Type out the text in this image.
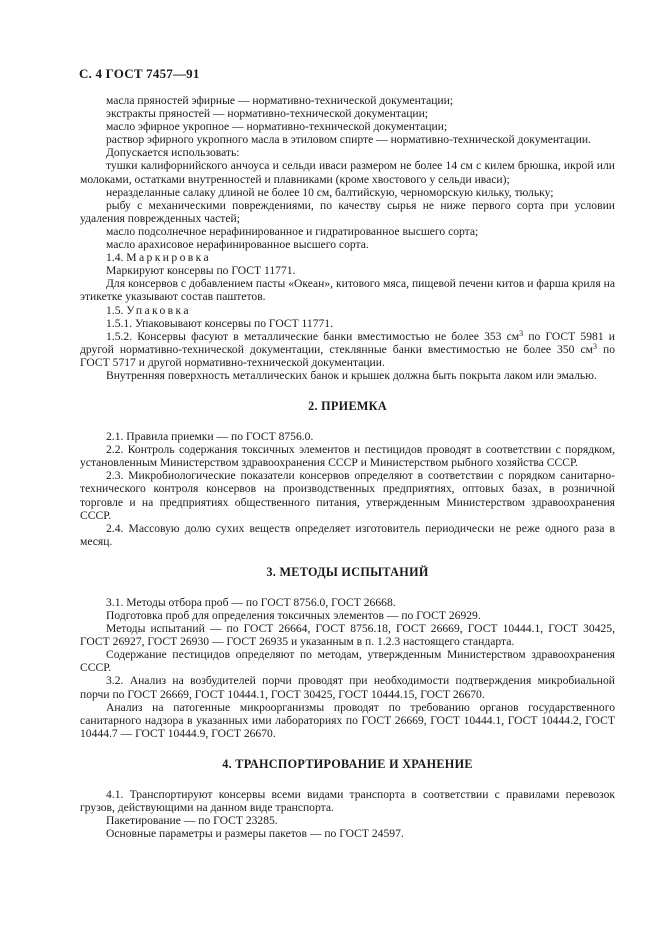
С. 4 ГОСТ 7457—91

масла пряностей эфирные — нормативно-технической документации;

экстракты пряностей — нормативно-технической документации;

масло эфирное укропное — нормативно-технической документации;

раствор эфирного укропного масла в этиловом спирте — нормативно-технической документации.

Допускается использовать:

тушки калифорнийского анчоуса и сельди иваси размером не более 14 см с килем брюшка, икрой или молоками, остатками внутренностей и плавниками (кроме хвостового у сельди иваси);

неразделанные салаку длиной не более 10 см, балтийскую, черноморскую кильку, тюльку;

рыбу с механическими повреждениями, по качеству сырья не ниже первого сорта при условии удаления поврежденных частей;

масло подсолнечное нерафинированное и гидратированное высшего сорта;

масло арахисовое нерафинированное высшего сорта.

1.4. Маркировка

Маркируют консервы по ГОСТ 11771.

Для консервов с добавлением пасты «Океан», китового мяса, пищевой печени китов и фарша криля на этикетке указывают состав паштетов.

1.5. Упаковка

1.5.1. Упаковывают консервы по ГОСТ 11771.

1.5.2. Консервы фасуют в металлические банки вместимостью не более 353 $см^3$ по ГОСТ 5981 и другой нормативно-технической документации, стеклянные банки вместимостью не более 350 $см^3$ по ГОСТ 5717 и другой нормативно-технической документации.

Внутренняя поверхность металлических банок и крышек должна быть покрыта лаком или эмалью.

2. ПРИЕМКА

2.1. Правила приемки — по ГОСТ 8756.0.

2.2. Контроль содержания токсичных элементов и пестицидов проводят в соответствии с порядком, установленным Министерством здравоохранения СССР и Министерством рыбного хозяйства СССР.

2.3. Микробиологические показатели консервов определяют в соответствии с порядком санитарно-технического контроля консервов на производственных предприятиях, оптовых базах, в розничной торговле и на предприятиях общественного питания, утвержденным Министерством здравоохранения СССР.

2.4. Массовую долю сухих веществ определяет изготовитель периодически не реже одного раза в месяц.

3. МЕТОДЫ ИСПЫТАНИЙ

3.1. Методы отбора проб — по ГОСТ 8756.0, ГОСТ 26668.

Подготовка проб для определения токсичных элементов — по ГОСТ 26929.

Методы испытаний — по ГОСТ 26664, ГОСТ 8756.18, ГОСТ 26669, ГОСТ 10444.1, ГОСТ 30425, ГОСТ 26927, ГОСТ 26930 — ГОСТ 26935 и указанным в п. 1.2.3 настоящего стандарта.

Содержание пестицидов определяют по методам, утвержденным Министерством здравоохранения СССР.

3.2. Анализ на возбудителей порчи проводят при необходимости подтверждения микробиальной порчи по ГОСТ 26669, ГОСТ 10444.1, ГОСТ 30425, ГОСТ 10444.15, ГОСТ 26670.

Анализ на патогенные микроорганизмы проводят по требованию органов государственного санитарного надзора в указанных ими лабораториях по ГОСТ 26669, ГОСТ 10444.1, ГОСТ 10444.2, ГОСТ 10444.7 — ГОСТ 10444.9, ГОСТ 26670.

4. ТРАНСПОРТИРОВАНИЕ И ХРАНЕНИЕ

4.1. Транспортируют консервы всеми видами транспорта в соответствии с правилами перевозок грузов, действующими на данном виде транспорта.

Пакетирование — по ГОСТ 23285.

Основные параметры и размеры пакетов — по ГОСТ 24597.
